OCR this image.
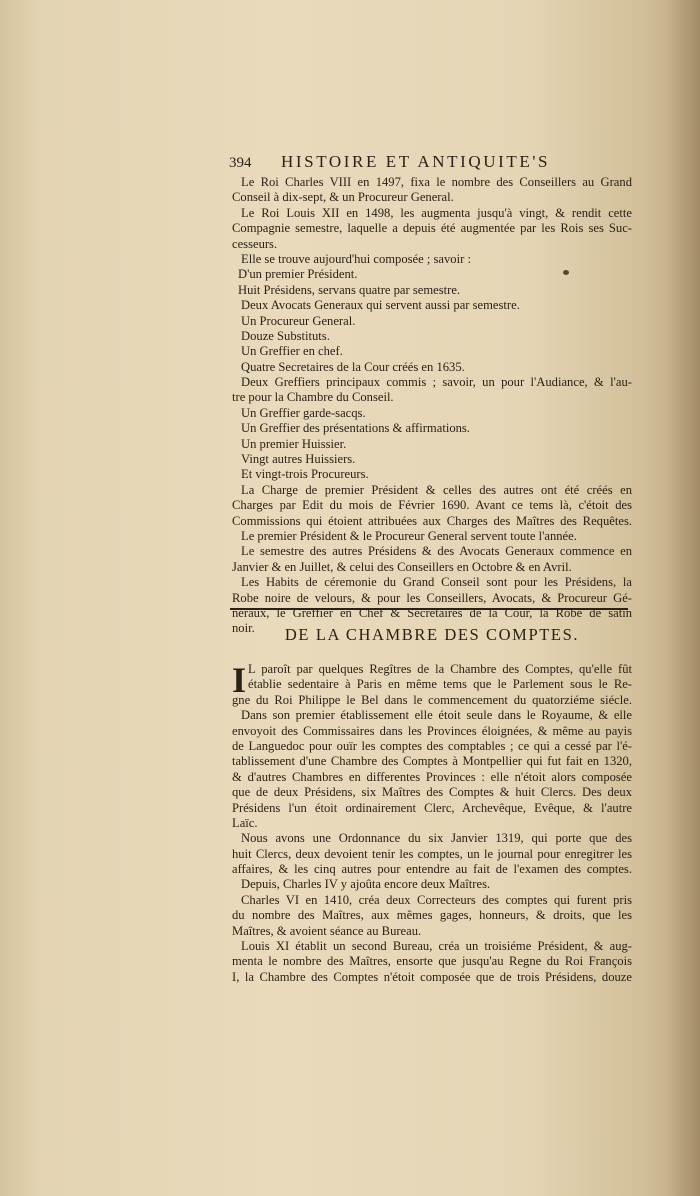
394 HISTOIRE ET ANTIQUITE'S
Le Roi Charles VIII en 1497, fixa le nombre des Conseillers au Grand
Conseil à dix-sept, & un Procureur General.
Le Roi Louis XII en 1498, les augmenta jusqu'à vingt, & rendit cette
Compagnie semestre, laquelle a depuis été augmentée par les Rois ses Suc-
cesseurs.
Elle se trouve aujourd'hui composée ; savoir :
D'un premier Président.
Huit Présidens, servans quatre par semestre.
Deux Avocats Generaux qui servent aussi par semestre.
Un Procureur General.
Douze Substituts.
Un Greffier en chef.
Quatre Secretaires de la Cour créés en 1635.
Deux Greffiers principaux commis ; savoir, un pour l'Audiance, & l'au-
tre pour la Chambre du Conseil.
Un Greffier garde-sacqs.
Un Greffier des présentations & affirmations.
Un premier Huissier.
Vingt autres Huissiers.
Et vingt-trois Procureurs.
La Charge de premier Président & celles des autres ont été créés en
Charges par Edit du mois de Février 1690. Avant ce tems là, c'étoit des
Commissions qui étoient attribuées aux Charges des Maîtres des Requêtes.
Le premier Président & le Procureur General servent toute l'année.
Le semestre des autres Présidens & des Avocats Generaux commence en
Janvier & en Juillet, & celui des Conseillers en Octobre & en Avril.
Les Habits de céremonie du Grand Conseil sont pour les Présidens, la
Robe noire de velours, & pour les Conseillers, Avocats, & Procureur Gé-
neraux, le Greffier en Chef & Secretaires de la Cour, la Robe de satin
noir.	DE LA CHAMBRE DES COMPTES.
I L paroît par quelques Regîtres de la Chambre des Comptes, qu'elle fût
établie sedentaire à Paris en même tems que le Parlement sous le Re-
gne du Roi Philippe le Bel dans le commencement du quatorziéme siécle.
Dans son premier établissement elle étoit seule dans le Royaume, & elle
envoyoit des Commissaires dans les Provinces éloignées, & même au payis
de Languedoc pour ouïr les comptes des comptables ; ce qui a cessé par l'é-
tablissement d'une Chambre des Comptes à Montpellier qui fut fait en 1320,
& d'autres Chambres en differentes Provinces : elle n'étoit alors composée
que de deux Présidens, six Maîtres des Comptes & huit Clercs. Des deux
Présidens l'un étoit ordinairement Clerc, Archevêque, Evêque, & l'autre
Laïc.
Nous avons une Ordonnance du six Janvier 1319, qui porte que des
huit Clercs, deux devoient tenir les comptes, un le journal pour enregitrer les
affaires, & les cinq autres pour entendre au fait de l'examen des comptes.
Depuis, Charles IV y ajoûta encore deux Maîtres.
Charles VI en 1410, créa deux Correcteurs des comptes qui furent pris
du nombre des Maîtres, aux mêmes gages, honneurs, & droits, que les
Maîtres, & avoient séance au Bureau.
Louis XI établit un second Bureau, créa un troisiéme Président, & aug-
menta le nombre des Maîtres, ensorte que jusqu'au Regne du Roi François
I, la Chambre des Comptes n'étoit composée que de trois Présidens, douze
